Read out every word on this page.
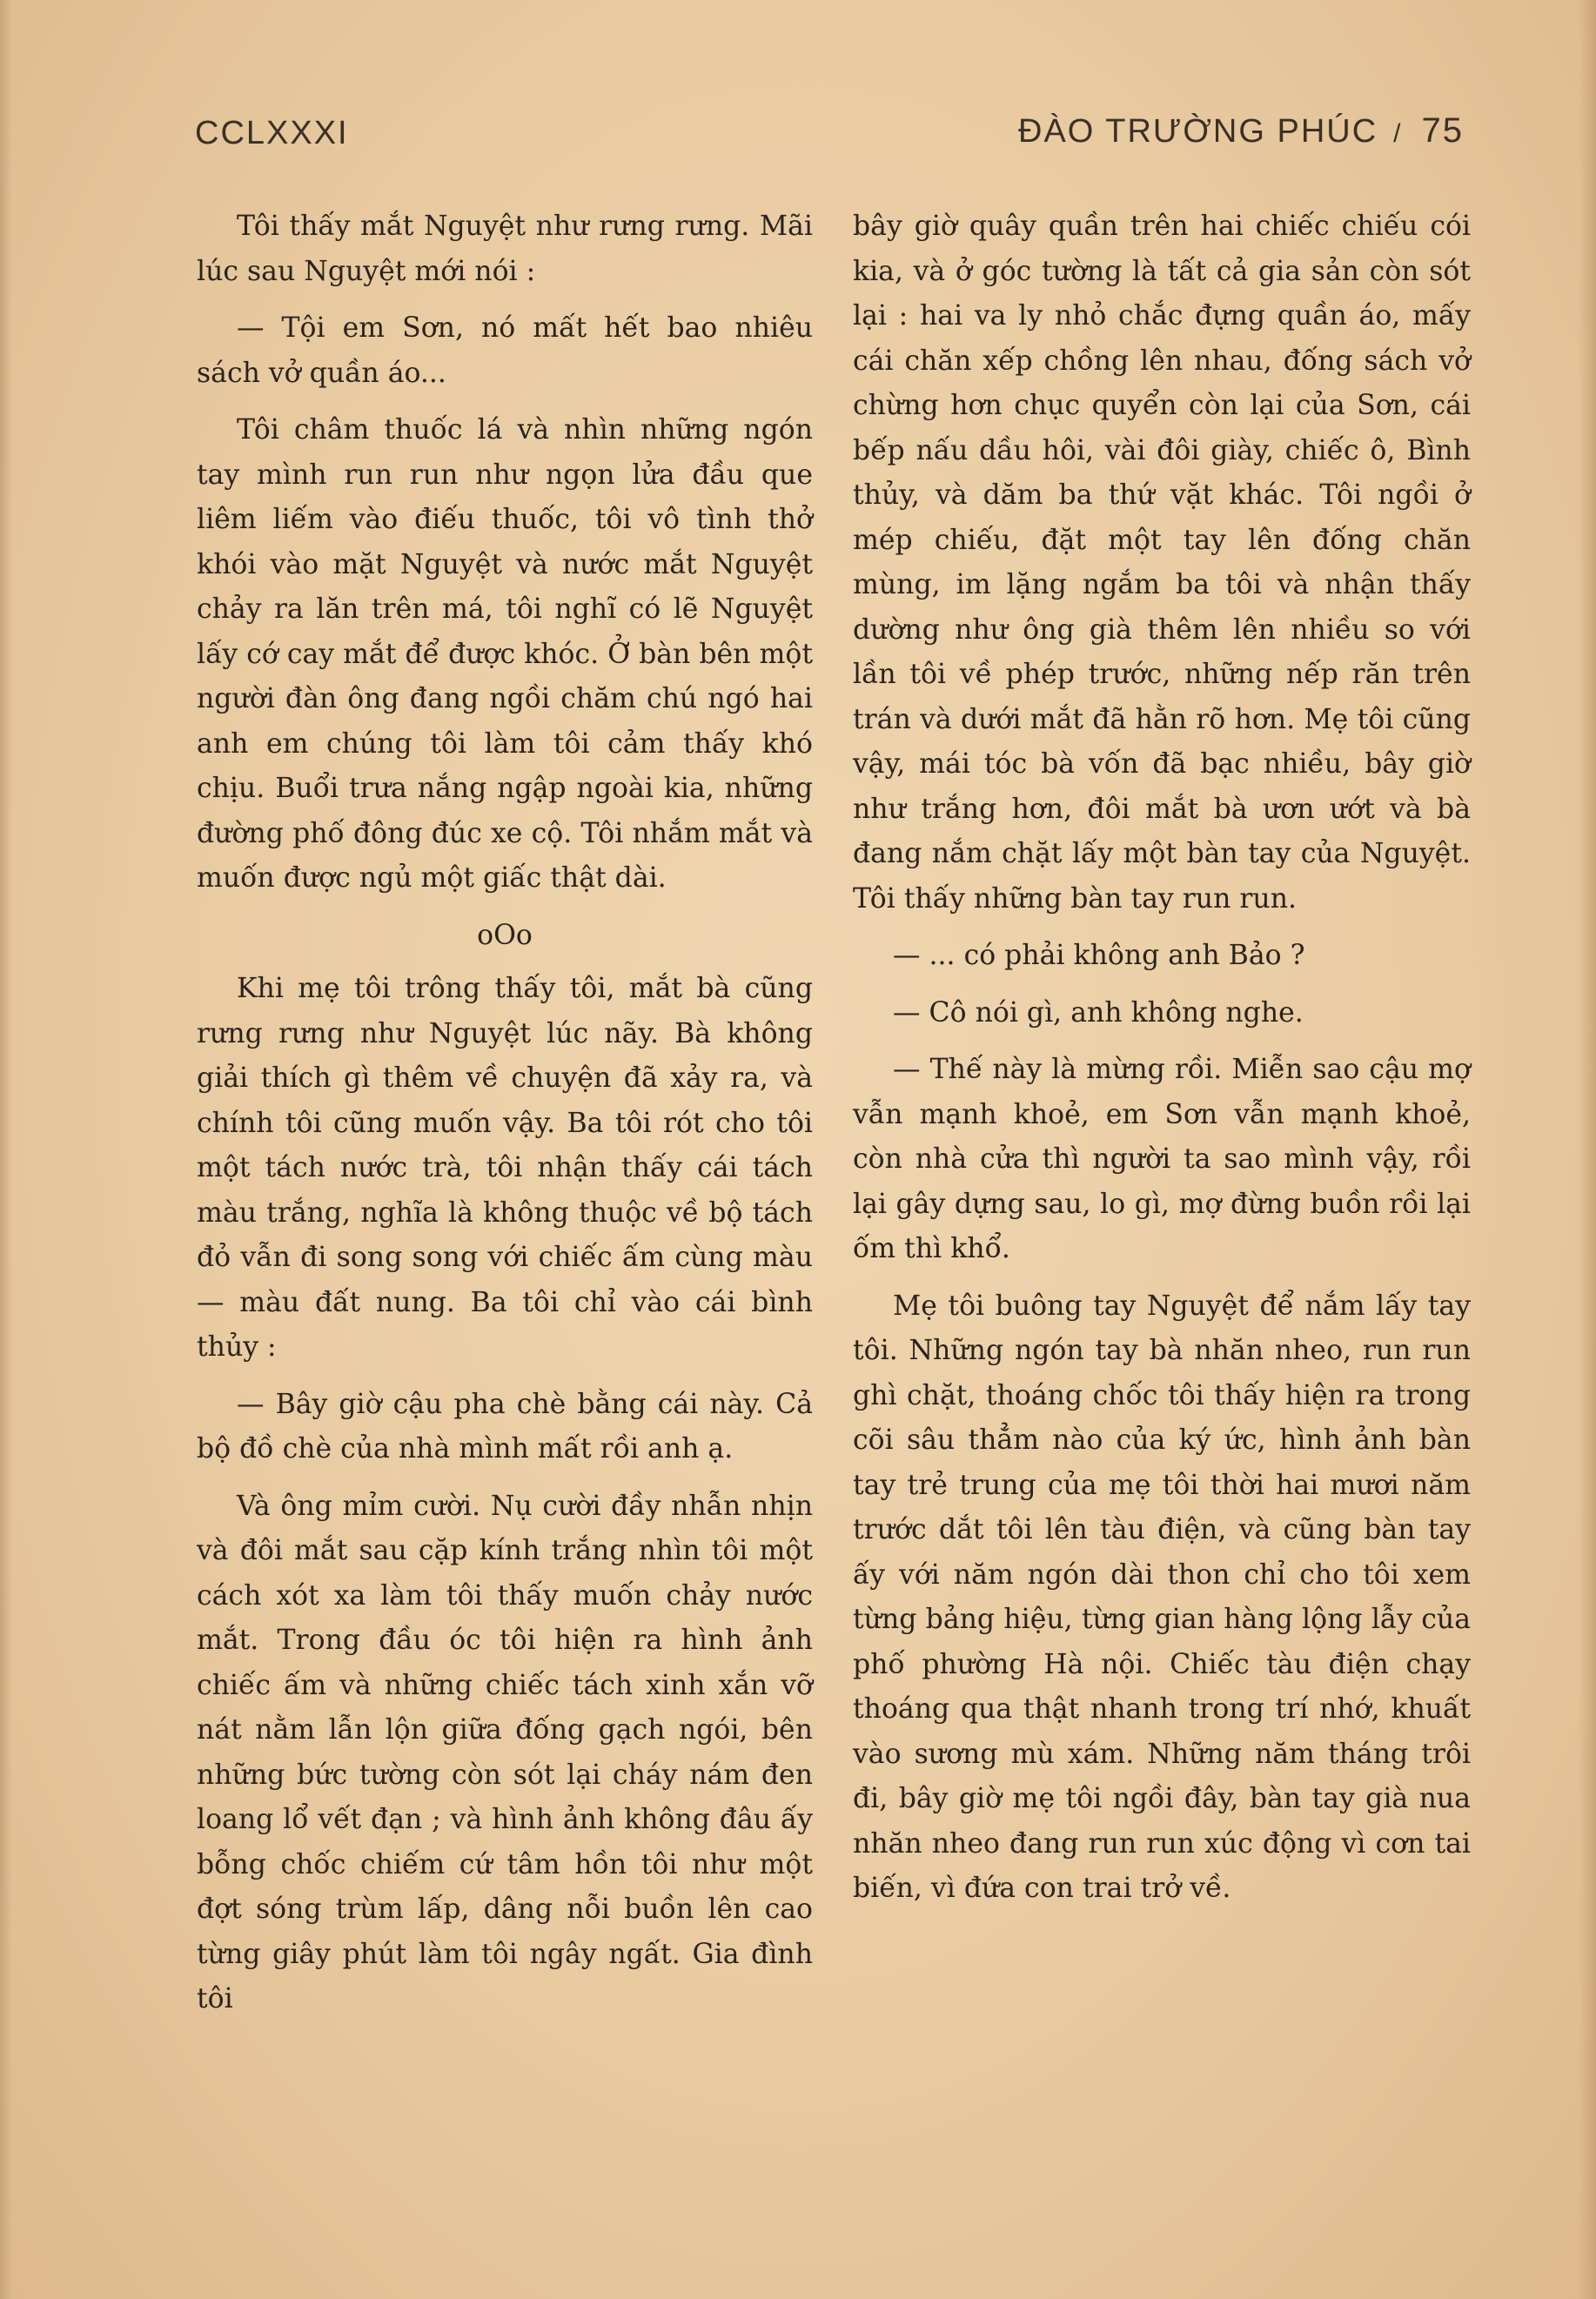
CCLXXXI	ĐÀO TRƯỜNG PHÚC / 75

Tôi thấy mắt Nguyệt như rưng rưng. Mãi lúc sau Nguyệt mới nói :

— Tội em Sơn, nó mất hết bao nhiêu sách vở quần áo...

Tôi châm thuốc lá và nhìn những ngón tay mình run run như ngọn lửa đầu que liêm liếm vào điếu thuốc, tôi vô tình thở khói vào mặt Nguyệt và nước mắt Nguyệt chảy ra lăn trên má, tôi nghĩ có lẽ Nguyệt lấy cớ cay mắt để được khóc. Ở bàn bên một người đàn ông đang ngồi chăm chú ngó hai anh em chúng tôi làm tôi cảm thấy khó chịu. Buổi trưa nắng ngập ngoài kia, những đường phố đông đúc xe cộ. Tôi nhắm mắt và muốn được ngủ một giấc thật dài.

oOo

Khi mẹ tôi trông thấy tôi, mắt bà cũng rưng rưng như Nguyệt lúc nãy. Bà không giải thích gì thêm về chuyện đã xảy ra, và chính tôi cũng muốn vậy. Ba tôi rót cho tôi một tách nước trà, tôi nhận thấy cái tách màu trắng, nghĩa là không thuộc về bộ tách đỏ vẫn đi song song với chiếc ấm cùng màu — màu đất nung. Ba tôi chỉ vào cái bình thủy :

— Bây giờ cậu pha chè bằng cái này. Cả bộ đồ chè của nhà mình mất rồi anh ạ.

Và ông mỉm cười. Nụ cười đầy nhẫn nhịn và đôi mắt sau cặp kính trắng nhìn tôi một cách xót xa làm tôi thấy muốn chảy nước mắt. Trong đầu óc tôi hiện ra hình ảnh chiếc ấm và những chiếc tách xinh xắn vỡ nát nằm lẫn lộn giữa đống gạch ngói, bên những bức tường còn sót lại cháy nám đen loang lổ vết đạn ; và hình ảnh không đâu ấy bỗng chốc chiếm cứ tâm hồn tôi như một đợt sóng trùm lấp, dâng nỗi buồn lên cao từng giây phút làm tôi ngây ngất. Gia đình tôi

bây giờ quây quần trên hai chiếc chiếu cói kia, và ở góc tường là tất cả gia sản còn sót lại : hai va ly nhỏ chắc đựng quần áo, mấy cái chăn xếp chồng lên nhau, đống sách vở chừng hơn chục quyển còn lại của Sơn, cái bếp nấu dầu hôi, vài đôi giày, chiếc ô, Bình thủy, và dăm ba thứ vặt khác. Tôi ngồi ở mép chiếu, đặt một tay lên đống chăn mùng, im lặng ngắm ba tôi và nhận thấy dường như ông già thêm lên nhiều so với lần tôi về phép trước, những nếp răn trên trán và dưới mắt đã hằn rõ hơn. Mẹ tôi cũng vậy, mái tóc bà vốn đã bạc nhiều, bây giờ như trắng hơn, đôi mắt bà ươn ướt và bà đang nắm chặt lấy một bàn tay của Nguyệt. Tôi thấy những bàn tay run run.

— ... có phải không anh Bảo ?

— Cô nói gì, anh không nghe.

— Thế này là mừng rồi. Miễn sao cậu mợ vẫn mạnh khoẻ, em Sơn vẫn mạnh khoẻ, còn nhà cửa thì người ta sao mình vậy, rồi lại gây dựng sau, lo gì, mợ đừng buồn rồi lại ốm thì khổ.

Mẹ tôi buông tay Nguyệt để nắm lấy tay tôi. Những ngón tay bà nhăn nheo, run run ghì chặt, thoáng chốc tôi thấy hiện ra trong cõi sâu thẳm nào của ký ức, hình ảnh bàn tay trẻ trung của mẹ tôi thời hai mươi năm trước dắt tôi lên tàu điện, và cũng bàn tay ấy với năm ngón dài thon chỉ cho tôi xem từng bảng hiệu, từng gian hàng lộng lẫy của phố phường Hà nội. Chiếc tàu điện chạy thoáng qua thật nhanh trong trí nhớ, khuất vào sương mù xám. Những năm tháng trôi đi, bây giờ mẹ tôi ngồi đây, bàn tay già nua nhăn nheo đang run run xúc động vì cơn tai biến, vì đứa con trai trở về.
